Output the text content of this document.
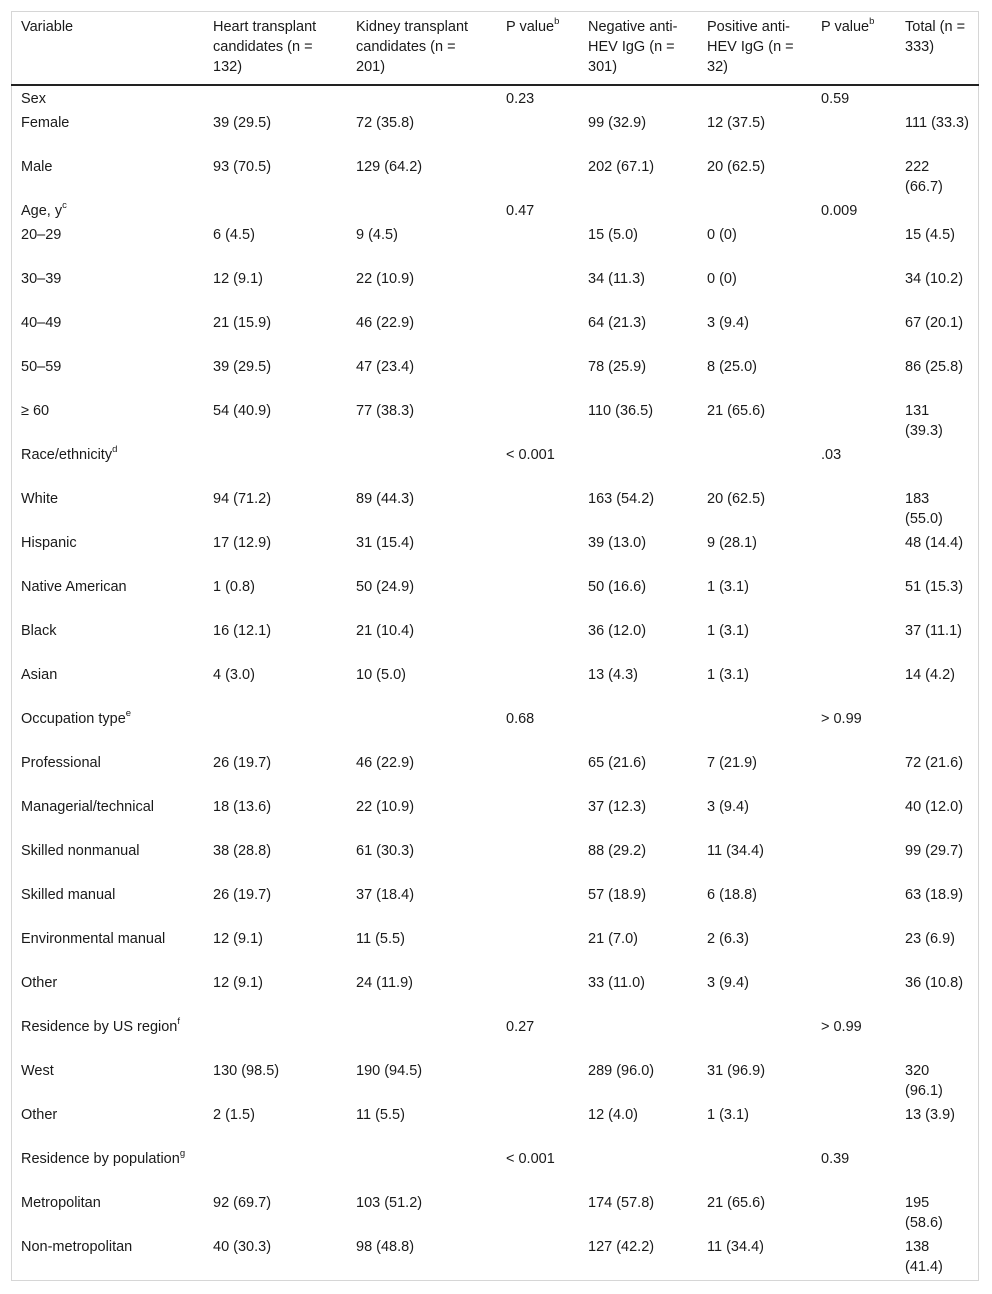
Variable	Heart transplant candidates (n = 132)	Kidney transplant candidates (n = 201)	P value$^b$	Negative anti-HEV IgG (n = 301)	Positive anti-HEV IgG (n = 32)	P value$^b$	Total (n = 333)
Sex			0.23			0.59	
Female	39 (29.5)	72 (35.8)		99 (32.9)	12 (37.5)		111 (33.3)
Male	93 (70.5)	129 (64.2)		202 (67.1)	20 (62.5)		222 (66.7)
Age, $y^c$			0.47			0.009	
20–29	6 (4.5)	9 (4.5)		15 (5.0)	0 (0)		15 (4.5)
30–39	12 (9.1)	22 (10.9)		34 (11.3)	0 (0)		34 (10.2)
40–49	21 (15.9)	46 (22.9)		64 (21.3)	3 (9.4)		67 (20.1)
50–59	39 (29.5)	47 (23.4)		78 (25.9)	8 (25.0)		86 (25.8)
≥ 60	54 (40.9)	77 (38.3)		110 (36.5)	21 (65.6)		131 (39.3)
Race/ethnicity$^d$			< 0.001			.03	
White	94 (71.2)	89 (44.3)		163 (54.2)	20 (62.5)		183 (55.0)
Hispanic	17 (12.9)	31 (15.4)		39 (13.0)	9 (28.1)		48 (14.4)
Native American	1 (0.8)	50 (24.9)		50 (16.6)	1 (3.1)		51 (15.3)
Black	16 (12.1)	21 (10.4)		36 (12.0)	1 (3.1)		37 (11.1)
Asian	4 (3.0)	10 (5.0)		13 (4.3)	1 (3.1)		14 (4.2)
Occupation type$^e$			0.68			> 0.99	
Professional	26 (19.7)	46 (22.9)		65 (21.6)	7 (21.9)		72 (21.6)
Managerial/technical	18 (13.6)	22 (10.9)		37 (12.3)	3 (9.4)		40 (12.0)
Skilled nonmanual	38 (28.8)	61 (30.3)		88 (29.2)	11 (34.4)		99 (29.7)
Skilled manual	26 (19.7)	37 (18.4)		57 (18.9)	6 (18.8)		63 (18.9)
Environmental manual	12 (9.1)	11 (5.5)		21 (7.0)	2 (6.3)		23 (6.9)
Other	12 (9.1)	24 (11.9)		33 (11.0)	3 (9.4)		36 (10.8)
Residence by US region$^f$			0.27			> 0.99	
West	130 (98.5)	190 (94.5)		289 (96.0)	31 (96.9)		320 (96.1)
Other	2 (1.5)	11 (5.5)		12 (4.0)	1 (3.1)		13 (3.9)
Residence by population$^g$			< 0.001			0.39	
Metropolitan	92 (69.7)	103 (51.2)		174 (57.8)	21 (65.6)		195 (58.6)
Non-metropolitan	40 (30.3)	98 (48.8)		127 (42.2)	11 (34.4)		138 (41.4)
